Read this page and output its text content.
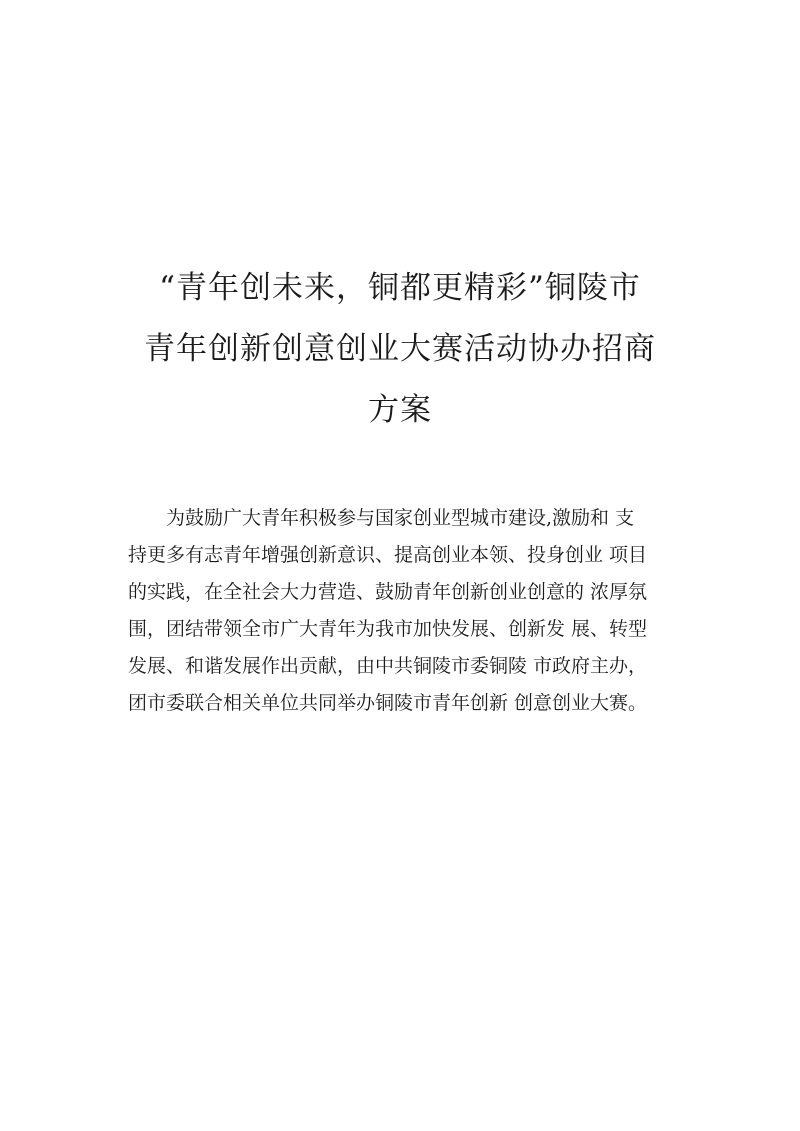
“青年创未来，铜都更精彩”铜陵市
青年创新创意创业大赛活动协办招商
方案
为鼓励广大青年积极参与国家创业型城市建设,激励和 支
持更多有志青年增强创新意识、提高创业本领、投身创业 项目
的实践，在全社会大力营造、鼓励青年创新创业创意的 浓厚氛
围，团结带领全市广大青年为我市加快发展、创新发 展、转型
发展、和谐发展作出贡献，由中共铜陵市委铜陵 市政府主办，
团市委联合相关单位共同举办铜陵市青年创新 创意创业大赛。
